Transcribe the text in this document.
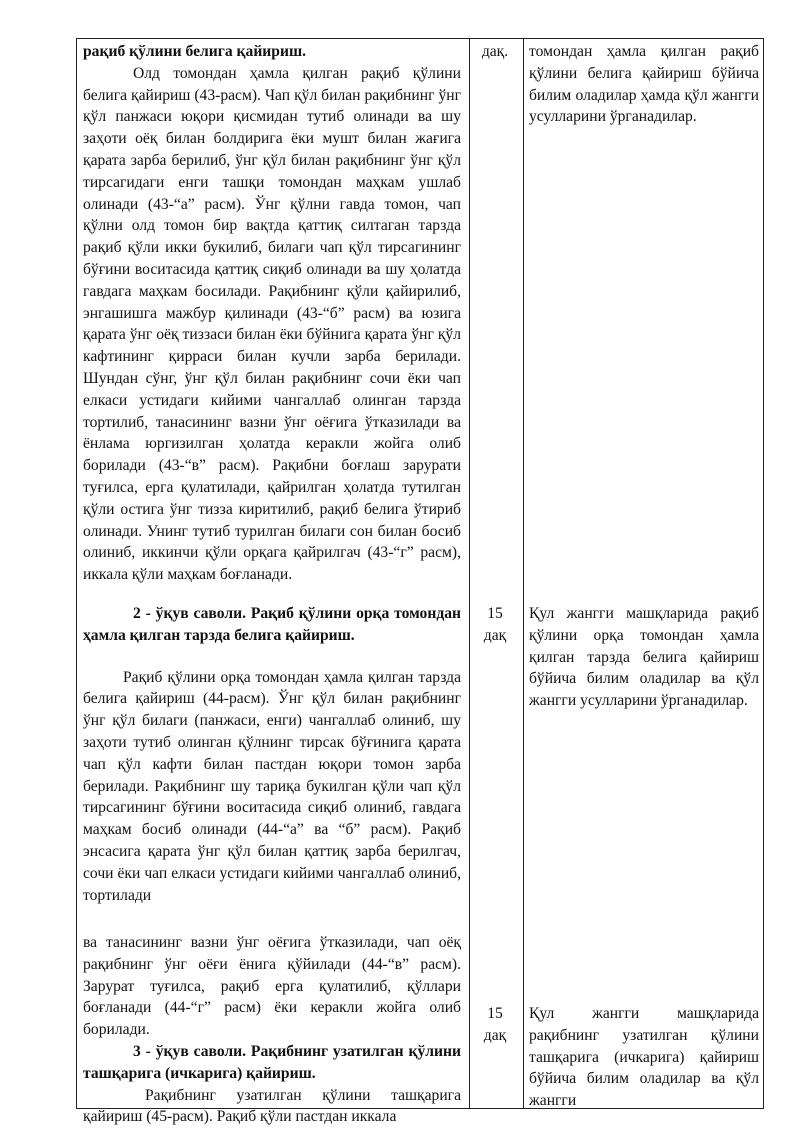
рақиб қўлини белига қайириш.

Олд томондан ҳамла қилган рақиб қўлини белига қайириш (43-расм). Чап қўл билан рақибнинг ўнг қўл панжаси юқори қисмидан тутиб олинади ва шу заҳоти оёқ билан болдирига ёки мушт билан жағига қарата зарба берилиб, ўнг қўл билан рақибнинг ўнг қўл тирсагидаги енги ташқи томондан маҳкам ушлаб олинади (43-“а” расм). Ўнг қўлни гавда томон, чап қўлни олд томон бир вақтда қаттиқ силтаган тарзда рақиб қўли икки букилиб, билаги чап қўл тирсагининг бўғини воситасида қаттиқ сиқиб олинади ва шу ҳолатда гавдага маҳкам босилади. Рақибнинг қўли қайирилиб, энгашишга мажбур қилинади (43-“б” расм) ва юзига қарата ўнг оёқ тиззаси билан ёки бўйнига қарата ўнг қўл кафтининг қирраси билан кучли зарба берилади. Шундан сўнг, ўнг қўл билан рақибнинг сочи ёки чап елкаси устидаги кийими чангаллаб олинган тарзда тортилиб, танасининг вазни ўнг оёғига ўтказилади ва ёнлама юргизилган ҳолатда керакли жойга олиб борилади (43-“в” расм). Рақибни боғлаш зарурати туғилса, ерга қулатилади, қайрилган ҳолатда тутилган қўли остига ўнг тизза киритилиб, рақиб белига ўтириб олинади. Унинг тутиб турилган билаги сон билан босиб олиниб, иккинчи қўли орқага қайрилгач (43-“г” расм), иккала қўли маҳкам боғланади.

2 - ўқув саволи. Рақиб қўлини орқа томондан ҳамла қилган тарзда белига қайириш.

Рақиб қўлини орқа томондан ҳамла қилган тарзда белига қайириш (44-расм). Ўнг қўл билан рақибнинг ўнг қўл билаги (панжаси, енги) чангаллаб олиниб, шу заҳоти тутиб олинган қўлнинг тирсак бўғинига қарата чап қўл кафти билан пастдан юқори томон зарба берилади. Рақибнинг шу тариқа букилган қўли чап қўл тирсагининг бўғини воситасида сиқиб олиниб, гавдага маҳкам босиб олинади (44-“а” ва “б” расм). Рақиб энсасига қарата ўнг қўл билан қаттиқ зарба берилгач, сочи ёки чап елкаси устидаги кийими чангаллаб олиниб, тортилади

ва танасининг вазни ўнг оёғига ўтказилади, чап оёқ рақибнинг ўнг оёғи ёнига қўйилади (44-“в” расм). Зарурат туғилса, рақиб ерга қулатилиб, қўллари боғланади (44-“г” расм) ёки керакли жойга олиб борилади.

3 - ўқув саволи. Рақибнинг узатилган қўлини ташқарига (ичкарига) қайириш.

Рақибнинг узатилган қўлини ташқарига қайириш (45-расм). Рақиб қўли пастдан иккала

дақ.

15

дақ

15

дақ

томондан ҳамла қилган рақиб қўлини белига қайириш бўйича билим оладилар ҳамда қўл жангги усулларини ўрганадилар.

Қул жангги машқларида рақиб қўлини орқа томондан ҳамла қилган тарзда белига қайириш бўйича билим оладилар ва қўл жангги усулларини ўрганадилар.

Қул жангги машқларида рақибнинг узатилган қўлини ташқарига (ичкарига) қайириш бўйича билим оладилар ва қўл жангги
